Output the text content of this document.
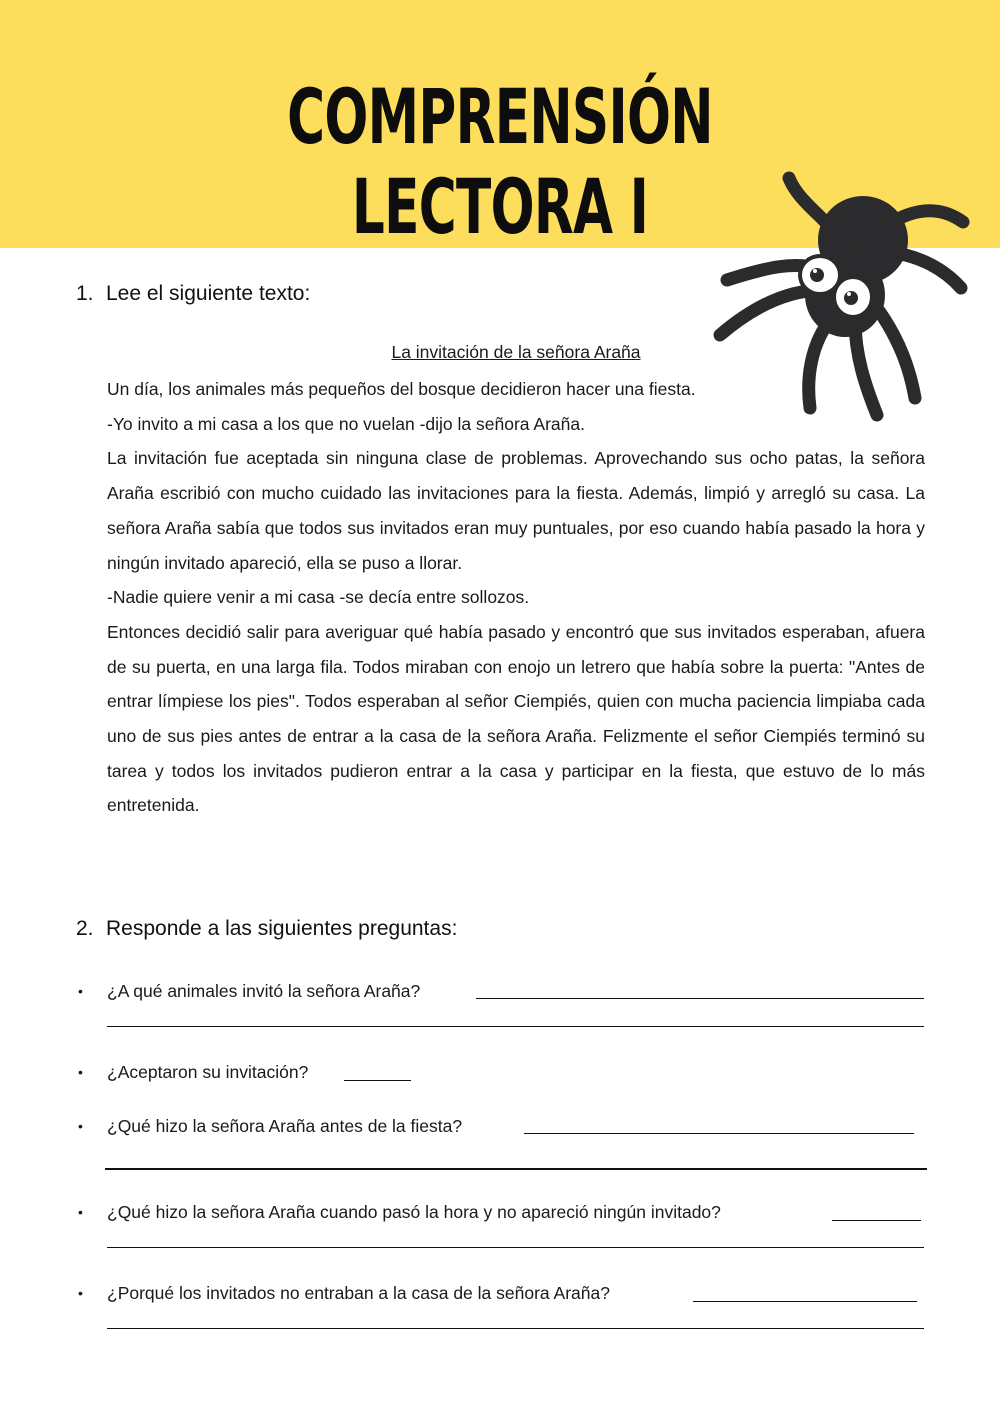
COMPRENSIÓN LECTORA I
1. Lee el siguiente texto:
La invitación de la señora Araña

Un día, los animales más pequeños del bosque decidieron hacer una fiesta.

-Yo invito a mi casa a los que no vuelan -dijo la señora Araña.

La invitación fue aceptada sin ninguna clase de problemas. Aprovechando sus ocho patas, la señora Araña escribió con mucho cuidado las invitaciones para la fiesta. Además, limpió y arregló su casa. La señora Araña sabía que todos sus invitados eran muy puntuales, por eso cuando había pasado la hora y ningún invitado apareció, ella se puso a llorar.

-Nadie quiere venir a mi casa -se decía entre sollozos.

Entonces decidió salir para averiguar qué había pasado y encontró que sus invitados esperaban, afuera de su puerta, en una larga fila. Todos miraban con enojo un letrero que había sobre la puerta: "Antes de entrar límpiese los pies". Todos esperaban al señor Ciempiés, quien con mucha paciencia limpiaba cada uno de sus pies antes de entrar a la casa de la señora Araña. Felizmente el señor Ciempiés terminó su tarea y todos los invitados pudieron entrar a la casa y participar en la fiesta, que estuvo de lo más entretenida.

2. Responde a las siguientes preguntas:
• ¿A qué animales invitó la señora Araña?
• ¿Aceptaron su invitación?
• ¿Qué hizo la señora Araña antes de la fiesta?
• ¿Qué hizo la señora Araña cuando pasó la hora y no apareció ningún invitado?
• ¿Porqué los invitados no entraban a la casa de la señora Araña?
